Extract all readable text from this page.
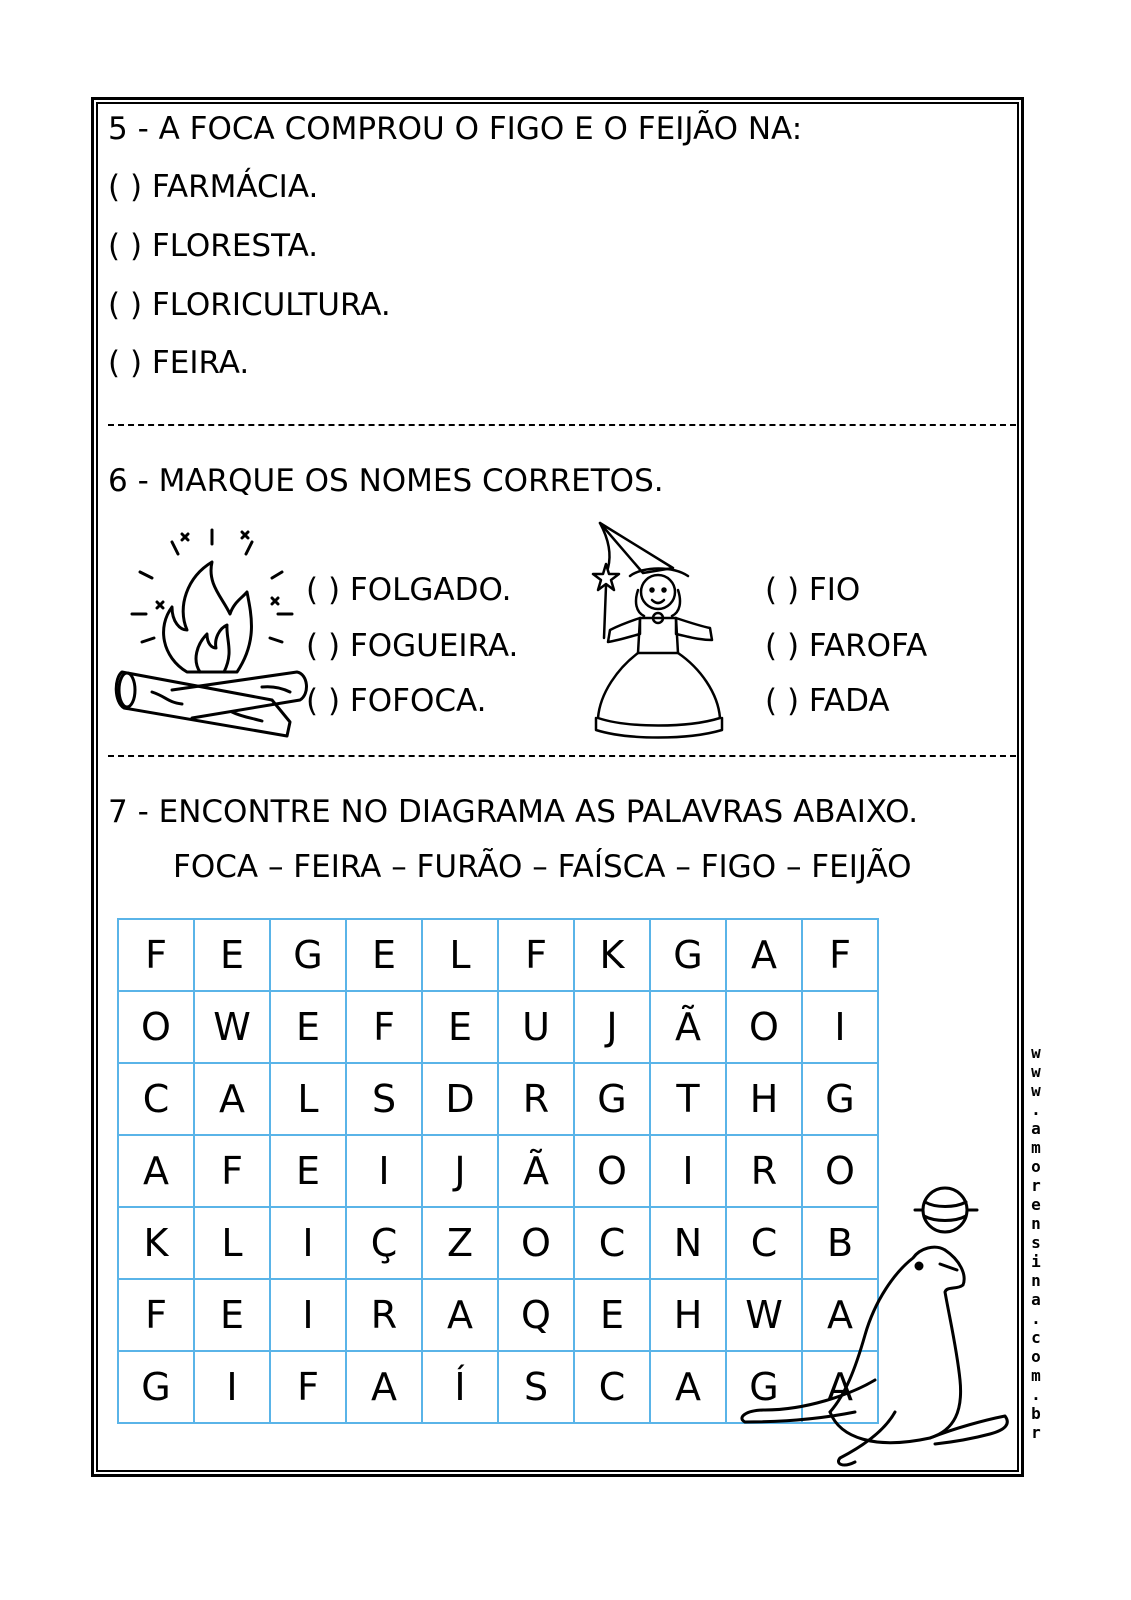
5 - A FOCA COMPROU O FIGO E O FEIJÃO NA:
( ) FARMÁCIA.
( ) FLORESTA.
( ) FLORICULTURA.
( ) FEIRA.
6 - MARQUE OS NOMES CORRETOS.
( ) FOLGADO.
( ) FOGUEIRA.
( ) FOFOCA.
( ) FIO
( ) FAROFA
( ) FADA
7 - ENCONTRE NO DIAGRAMA AS PALAVRAS ABAIXO.
FOCA – FEIRA – FURÃO – FAÍSCA – FIGO – FEIJÃO
F	E	G	E	L	F	K	G	A	F
O	W	E	F	E	U	J	Ã	O	I
C	A	L	S	D	R	G	T	H	G
A	F	E	I	J	Ã	O	I	R	O
K	L	I	Ç	Z	O	C	N	C	B
F	E	I	R	A	Q	E	H	W	A
G	I	F	A	Í	S	C	A	G	A
w
w
w
.
a
m
o
r
e
n
s
i
n
a
.
c
o
m
.
b
r
